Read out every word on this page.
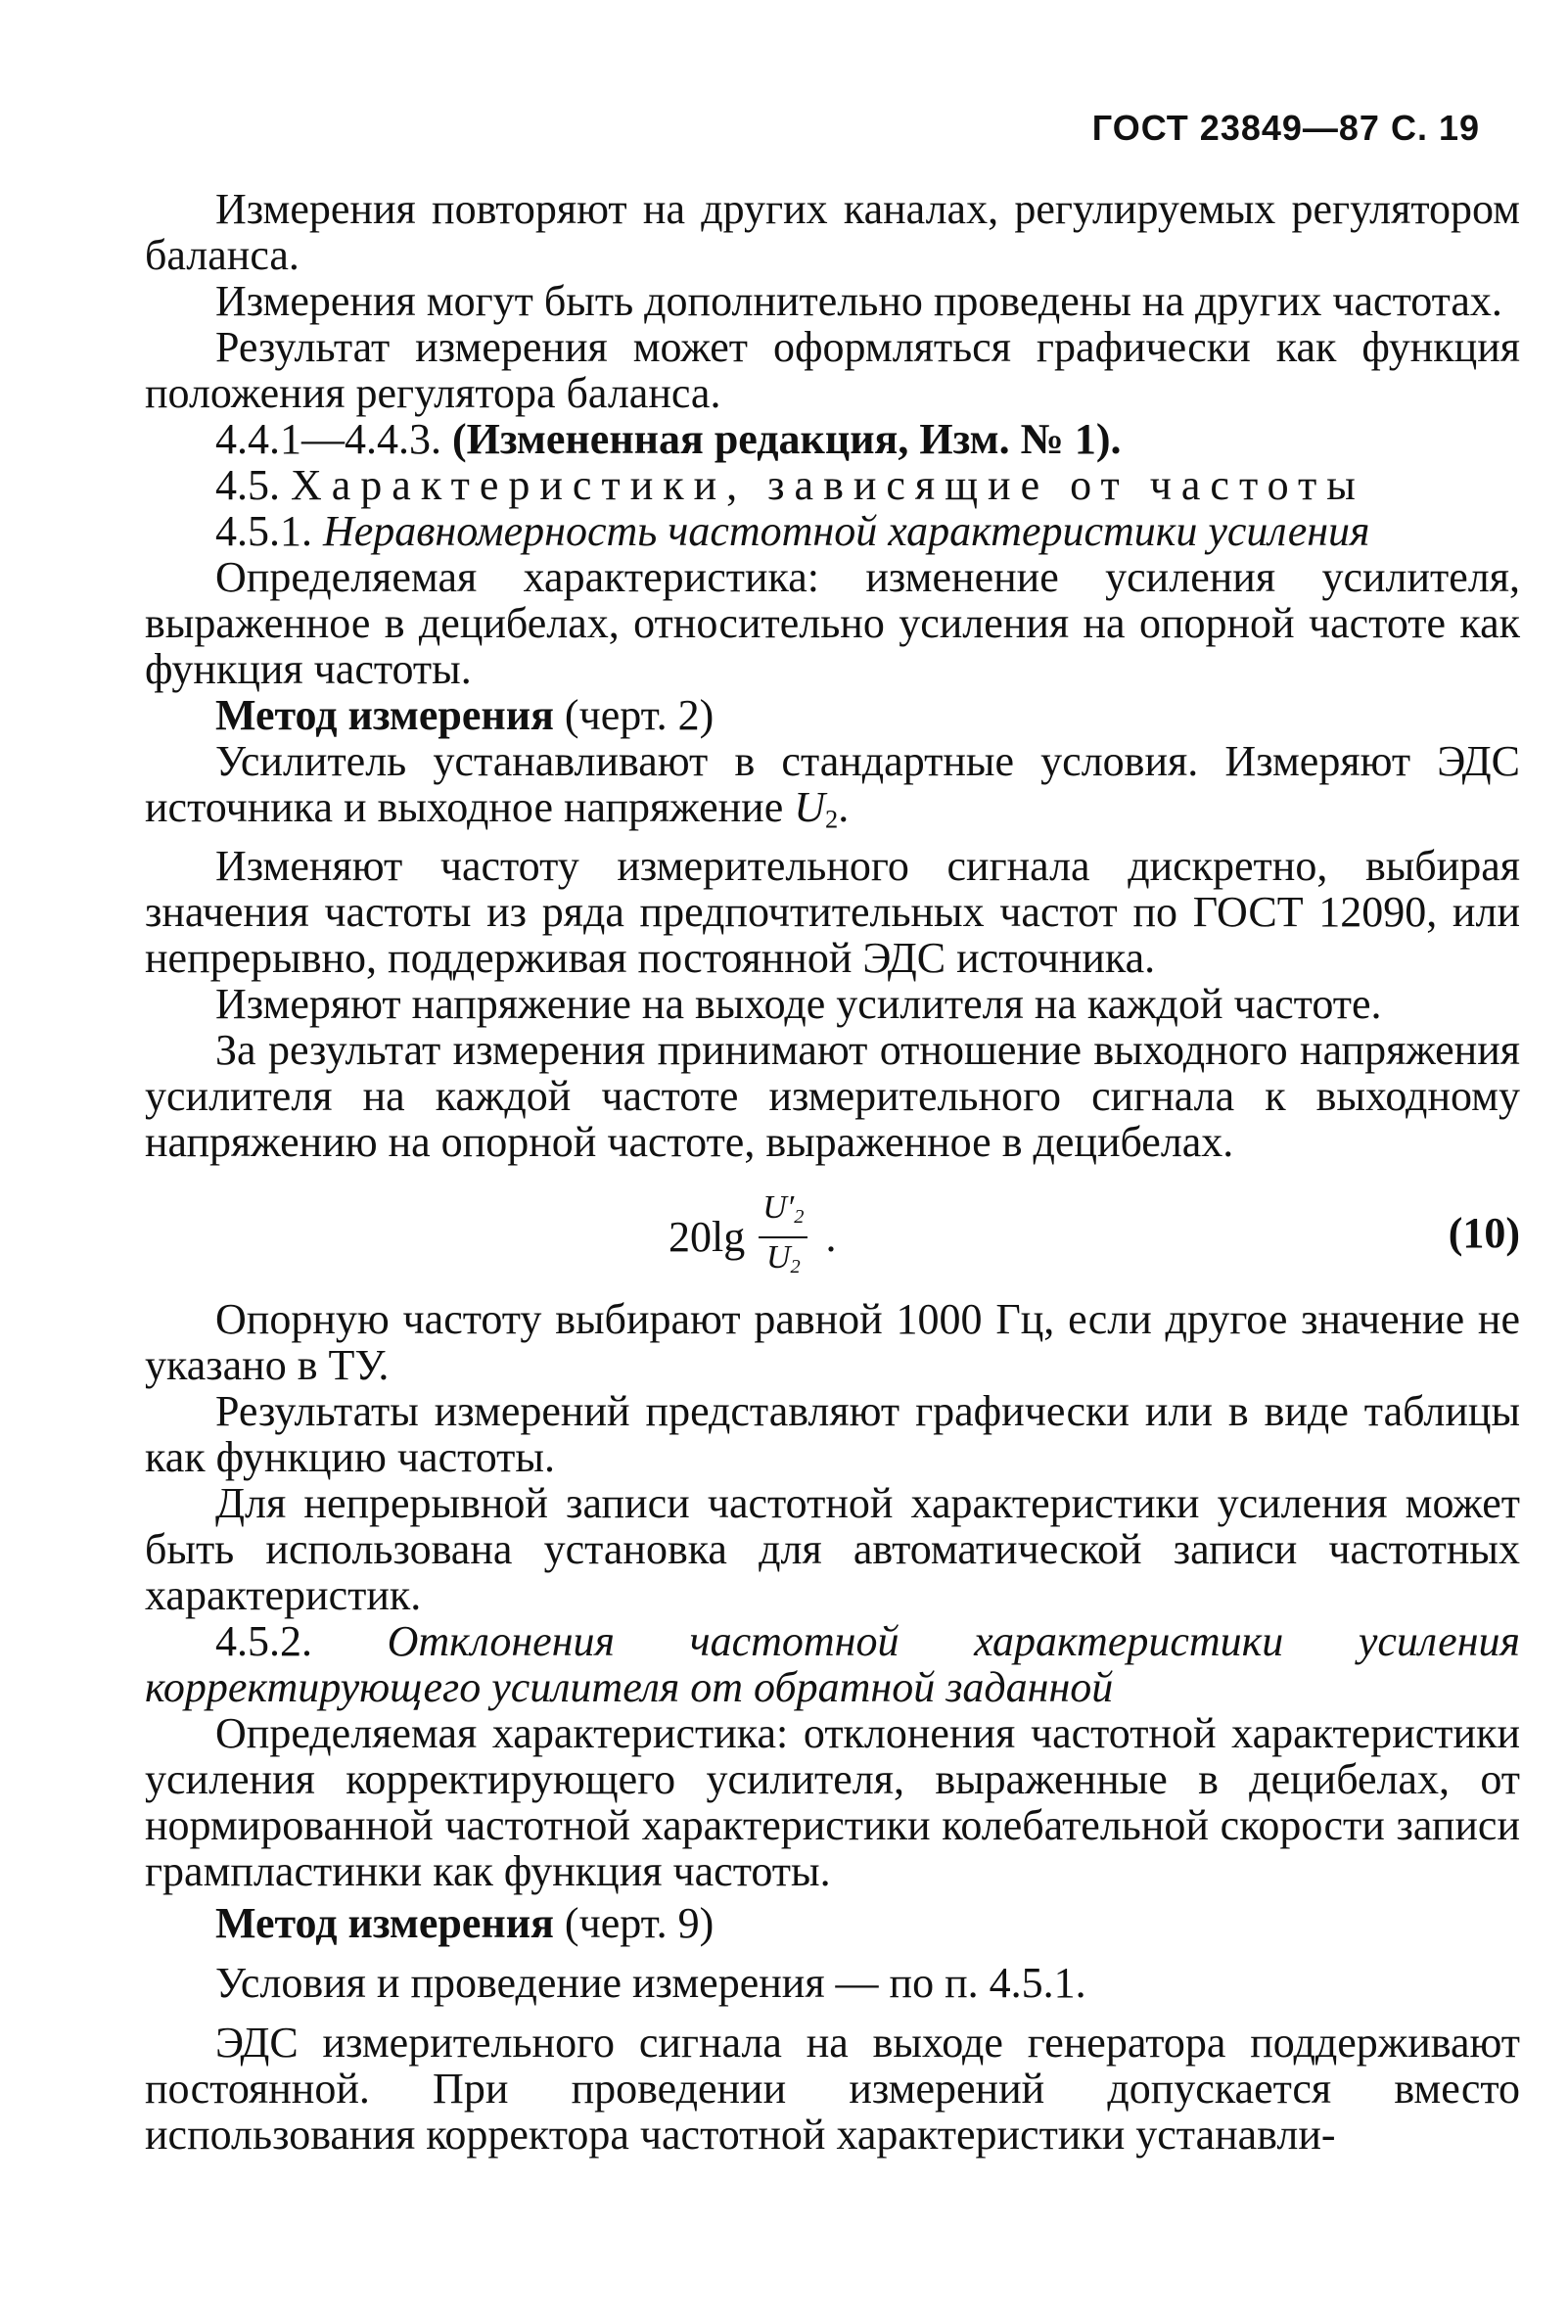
ГОСТ 23849—87 С. 19

Измерения повторяют на других каналах, регулируемых регулятором баланса.

Измерения могут быть дополнительно проведены на других частотах.

Результат измерения может оформляться графически как функция положения регулятора баланса.

4.4.1—4.4.3. (Измененная редакция, Изм. № 1).

4.5. Характеристики, зависящие от частоты

4.5.1. Неравномерность частотной характеристики усиления

Определяемая характеристика: изменение усиления усилителя, выраженное в децибелах, относительно усиления на опорной частоте как функция частоты.

Метод измерения (черт. 2)

Усилитель устанавливают в стандартные условия. Измеряют ЭДС источника и выходное напряжение $U_2$.

Изменяют частоту измерительного сигнала дискретно, выбирая значения частоты из ряда предпочтительных частот по ГОСТ 12090, или непрерывно, поддерживая постоянной ЭДС источника.

Измеряют напряжение на выходе усилителя на каждой частоте.

За результат измерения принимают отношение выходного напряжения усилителя на каждой частоте измерительного сигнала к выходному напряжению на опорной частоте, выраженное в децибелах.

$20\lg \frac{U'_2}{U_2}$ .	(10)

Опорную частоту выбирают равной 1000 Гц, если другое значение не указано в ТУ.

Результаты измерений представляют графически или в виде таблицы как функцию частоты.

Для непрерывной записи частотной характеристики усиления может быть использована установка для автоматической записи частотных характеристик.

4.5.2. Отклонения частотной характеристики усиления корректирующего усилителя от обратной заданной

Определяемая характеристика: отклонения частотной характеристики усиления корректирующего усилителя, выраженные в децибелах, от нормированной частотной характеристики колебательной скорости записи грампластинки как функция частоты.

Метод измерения (черт. 9)

Условия и проведение измерения — по п. 4.5.1.

ЭДС измерительного сигнала на выходе генератора поддерживают постоянной. При проведении измерений допускается вместо использования корректора частотной характеристики устанавли-
